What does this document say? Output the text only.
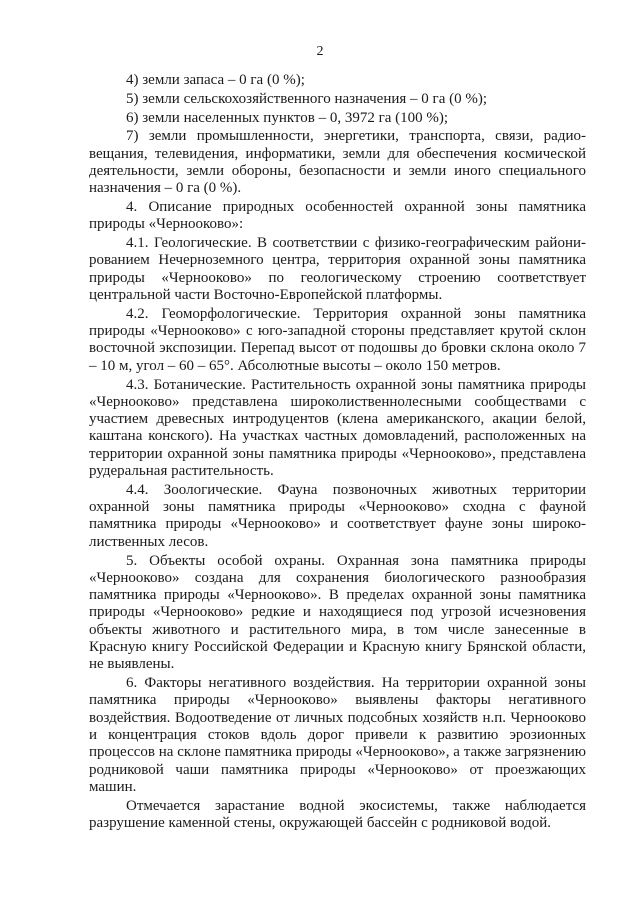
2

4) земли запаса – 0 га (0 %);

5) земли сельскохозяйственного назначения – 0 га (0 %);

6) земли населенных пунктов – 0, 3972 га (100 %);

7) земли промышленности, энергетики, транспорта, связи, радиовещания, телевидения, информатики, земли для обеспечения космической деятельности, земли обороны, безопасности и земли иного специального назначения – 0 га (0 %).

4. Описание природных особенностей охранной зоны памятника природы «Чернооково»:

4.1. Геологические. В соответствии с физико-географическим районированием Нечерноземного центра, территория охранной зоны памятника природы «Чернооково» по геологическому строению соответствует центральной части Восточно-Европейской платформы.

4.2. Геоморфологические. Территория охранной зоны памятника природы «Чернооково» с юго-западной стороны представляет крутой склон восточной экспозиции. Перепад высот от подошвы до бровки склона около 7 – 10 м, угол – 60 – 65°. Абсолютные высоты – около 150 метров.

4.3. Ботанические. Растительность охранной зоны памятника природы «Чернооково» представлена широколиственнолесными сообществами с участием древесных интродуцентов (клена американского, акации белой, каштана конского). На участках частных домовладений, расположенных на территории охранной зоны памятника природы «Чернооково», представлена рудеральная растительность.

4.4. Зоологические. Фауна позвоночных животных территории охранной зоны памятника природы «Чернооково» сходна с фауной памятника природы «Чернооково» и соответствует фауне зоны широколиственных лесов.

5. Объекты особой охраны. Охранная зона памятника природы «Чернооково» создана для сохранения биологического разнообразия памятника природы «Чернооково». В пределах охранной зоны памятника природы «Чернооково» редкие и находящиеся под угрозой исчезновения объекты животного и растительного мира, в том числе занесенные в Красную книгу Российской Федерации и Красную книгу Брянской области, не выявлены.

6. Факторы негативного воздействия. На территории охранной зоны памятника природы «Чернооково» выявлены факторы негативного воздействия. Водоотведение от личных подсобных хозяйств н.п. Чернооково и концентрация стоков вдоль дорог привели к развитию эрозионных процессов на склоне памятника природы «Чернооково», а также загрязнению родниковой чаши памятника природы «Чернооково» от проезжающих машин.

Отмечается зарастание водной экосистемы, также наблюдается разрушение каменной стены, окружающей бассейн с родниковой водой.
